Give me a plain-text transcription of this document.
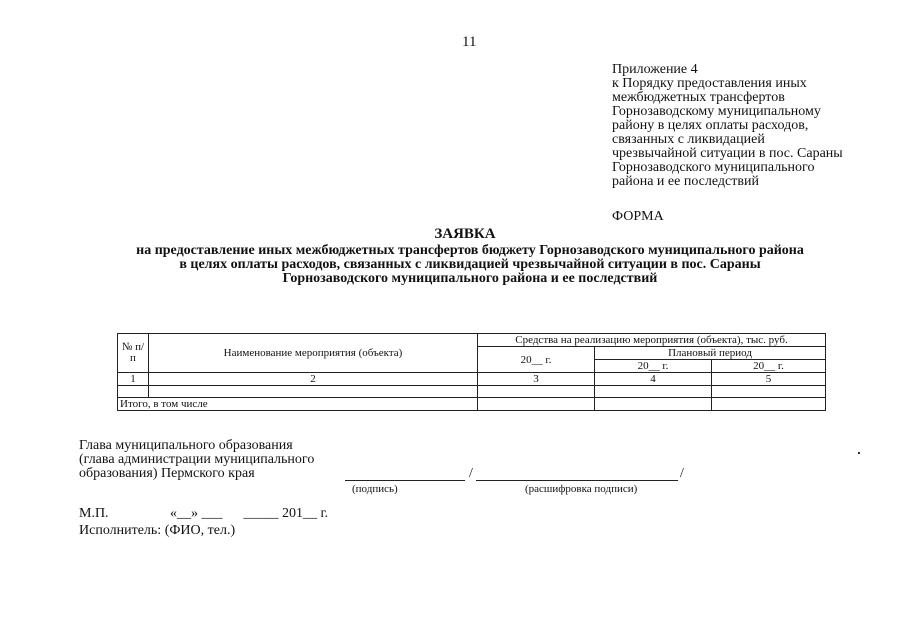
11
Приложение 4
к Порядку предоставления иных
межбюджетных трансфертов
Горнозаводскому муниципальному
району в целях оплаты расходов,
связанных с ликвидацией
чрезвычайной ситуации в пос. Сараны
Горнозаводского муниципального
района и ее последствий
ФОРМА
ЗАЯВКА
на предоставление иных межбюджетных трансфертов бюджету Горнозаводского муниципального района
в целях оплаты расходов, связанных с ликвидацией чрезвычайной ситуации в пос. Сараны
Горнозаводского муниципального района и ее последствий
№ п/п	Наименование мероприятия (объекта)	Средства на реализацию мероприятия (объекта), тыс. руб.		
		20__ г.	Плановый период	
			20__ г.	20__ г.
1	2	3	4	5

Итого, в том числе				
Глава муниципального образования
(глава администрации муниципального
образования) Пермского края	/	/
(подпись)	(расшифровка подписи)
М.П.	«__» ___      _____ 201__ г.
Исполнитель: (ФИО, тел.)
